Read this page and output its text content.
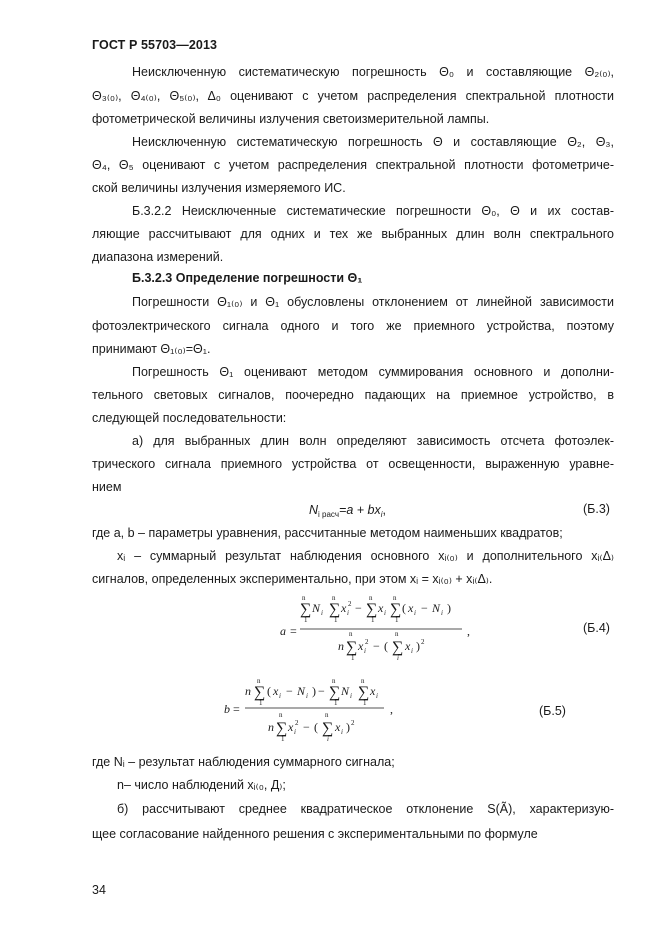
ГОСТ Р 55703—2013
Неисключенную систематическую погрешность Θ₀ и составляющие Θ₂₍₀₎,
Θ₃₍₀₎, Θ₄₍₀₎, Θ₅₍₀₎, Δ₀ оценивают с учетом распределения спектральной плотности
фотометрической величины излучения светоизмерительной лампы.
Неисключенную систематическую погрешность Θ и составляющие Θ₂, Θ₃,
Θ₄, Θ₅ оценивают с учетом распределения спектральной плотности фотометриче-
ской величины излучения измеряемого ИС.
Б.3.2.2 Неисключенные систематические погрешности Θ₀, Θ и их состав-
ляющие рассчитывают для одних и тех же выбранных длин волн спектрального
диапазона измерений.
Б.3.2.3 Определение погрешности Θ₁
Погрешности Θ₁₍₀₎ и Θ₁ обусловлены отклонением от линейной зависимости
фотоэлектрического сигнала одного и того же приемного устройства, поэтому
принимают Θ₁₍₀₎=Θ₁.
Погрешность Θ₁ оценивают методом суммирования основного и дополни-
тельного световых сигналов, поочередно падающих на приемное устройство, в
следующей последовательности:
а) для выбранных длин волн определяют зависимость отсчета фотоэлек-
трического сигнала приемного устройства от освещенности, выраженную уравне-
нием
$N_{i расч}=a + bx_i$,	(Б.3)
где a, b – параметры уравнения, рассчитанные методом наименьших квадратов;
xᵢ – суммарный результат наблюдения основного xᵢ₍₀₎ и дополнительного xᵢ₍Δ₎
сигналов, определенных экспериментально, при этом xᵢ = xᵢ₍₀₎ + xᵢ₍Δ₎.
a =
n
∑
1
N i
n
∑
1
x i
2 −
n
∑
1
x i
n
∑
1
( x i − N i )
n
n
∑
1
x i
2 − (
n
∑
i
x i ) 2
,	(Б.4)
b =
n
n
∑
1
( x i − N i ) −
n
∑
1
N i
n
∑
1
x i
n
n
∑
1
x i
2 − (
n
∑
i
x i ) 2
,	(Б.5)
где Nᵢ – результат наблюдения суммарного сигнала;
n– число наблюдений xᵢ₍₀, Д₎;
б) рассчитывают среднее квадратическое отклонение S(Ã), характеризую-
щее согласование найденного решения с экспериментальными по формуле
34
